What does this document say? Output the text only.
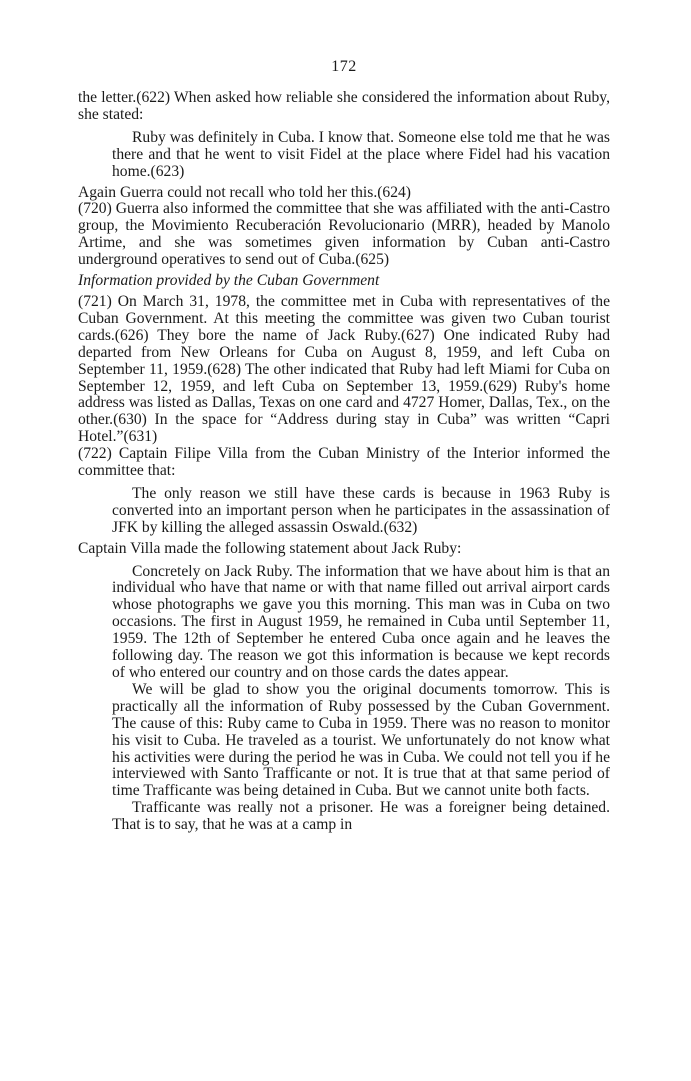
172

the letter.(622) When asked how reliable she considered the information about Ruby, she stated:

Ruby was definitely in Cuba. I know that. Someone else told me that he was there and that he went to visit Fidel at the place where Fidel had his vacation home.(623)

Again Guerra could not recall who told her this.(624)

(720) Guerra also informed the committee that she was affiliated with the anti-Castro group, the Movimiento Recuberación Revolucionario (MRR), headed by Manolo Artime, and she was sometimes given information by Cuban anti-Castro underground operatives to send out of Cuba.(625)

Information provided by the Cuban Government

(721) On March 31, 1978, the committee met in Cuba with representatives of the Cuban Government. At this meeting the committee was given two Cuban tourist cards.(626) They bore the name of Jack Ruby.(627) One indicated Ruby had departed from New Orleans for Cuba on August 8, 1959, and left Cuba on September 11, 1959.(628) The other indicated that Ruby had left Miami for Cuba on September 12, 1959, and left Cuba on September 13, 1959.(629) Ruby's home address was listed as Dallas, Texas on one card and 4727 Homer, Dallas, Tex., on the other.(630) In the space for “Address during stay in Cuba” was written “Capri Hotel.”(631)

(722) Captain Filipe Villa from the Cuban Ministry of the Interior informed the committee that:

The only reason we still have these cards is because in 1963 Ruby is converted into an important person when he participates in the assassination of JFK by killing the alleged assassin Oswald.(632)

Captain Villa made the following statement about Jack Ruby:

Concretely on Jack Ruby. The information that we have about him is that an individual who have that name or with that name filled out arrival airport cards whose photographs we gave you this morning. This man was in Cuba on two occasions. The first in August 1959, he remained in Cuba until September 11, 1959. The 12th of September he entered Cuba once again and he leaves the following day. The reason we got this information is because we kept records of who entered our country and on those cards the dates appear.

We will be glad to show you the original documents tomorrow. This is practically all the information of Ruby possessed by the Cuban Government. The cause of this: Ruby came to Cuba in 1959. There was no reason to monitor his visit to Cuba. He traveled as a tourist. We unfortunately do not know what his activities were during the period he was in Cuba. We could not tell you if he interviewed with Santo Trafficante or not. It is true that at that same period of time Trafficante was being detained in Cuba. But we cannot unite both facts.

Trafficante was really not a prisoner. He was a foreigner being detained. That is to say, that he was at a camp in
